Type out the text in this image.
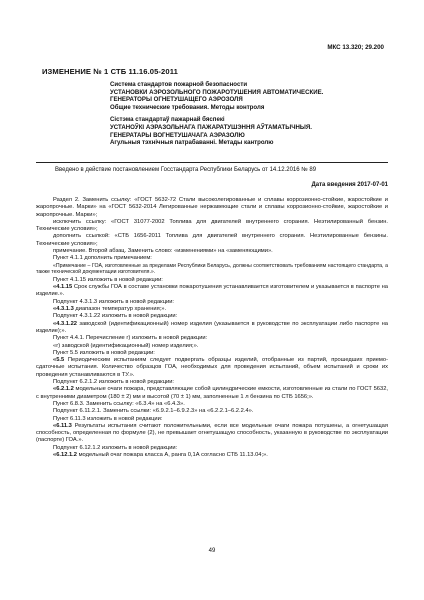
МКС 13.320; 29.200

ИЗМЕНЕНИЕ № 1 СТБ 11.16.05-2011

Система стандартов пожарной безопасности

УСТАНОВКИ АЭРОЗОЛЬНОГО ПОЖАРОТУШЕНИЯ АВТОМАТИЧЕСКИЕ.

ГЕНЕРАТОРЫ ОГНЕТУШАЩЕГО АЭРОЗОЛЯ

Общие технические требования. Методы контроля

Сістэма стандартаў пажарнай бяспекі

УСТАНОЎКІ АЭРАЗОЛЬНАГА ПАЖАРАТУШЭННЯ АЎТАМАТЫЧНЫЯ.

ГЕНЕРАТАРЫ ВОГНЕТУШАЧАГА АЭРАЗОЛЮ

Агульныя тэхнічныя патрабаванні. Метады кантролю

Введено в действие постановлением Госстандарта Республики Беларусь от 14.12.2016 № 89

Дата введения 2017-07-01

Раздел 2. Заменить ссылку: «ГОСТ 5632-72 Стали высоколегированные и сплавы коррозионно-стойкие, жаростойкие и жаропрочные. Марки» на «ГОСТ 5632-2014 Легированные нержавеющие стали и сплавы коррозионно-стойкие, жаростойкие и жаропрочные. Марки»;

исключить ссылку: «ГОСТ 31077-2002 Топлива для двигателей внутреннего сгорания. Неэтилированный бензин. Технические условия»;

дополнить ссылкой: «СТБ 1656-2011 Топлива для двигателей внутреннего сгорания. Неэтилированные бензины. Технические условия»;

примечание. Второй абзац. Заменить слово: «изменениями» на «заменяющими».

Пункт 4.1.1 дополнить примечанием:

«Примечание – ГОА, изготовленные за пределами Республики Беларусь, должны соответствовать требованиям настоящего стандарта, а также технической документации изготовителя.».

Пункт 4.1.15 изложить в новой редакции:

«4.1.15 Срок службы ГОА в составе установки пожаротушения устанавливается изготовителем и указывается в паспорте на изделие.».

Подпункт 4.3.1.3 изложить в новой редакции:

«4.3.1.3 диапазон температур хранения;».

Подпункт 4.3.1.22 изложить в новой редакции:

«4.3.1.22 заводской (идентификационный) номер изделия (указывается в руководстве по эксплуатации либо паспорте на изделие);».

Пункт 4.4.1. Перечисление г) изложить в новой редакции:

«г) заводской (идентификационный) номер изделия;».

Пункт 5.5 изложить в новой редакции:

«5.5 Периодическим испытаниям следует подвергать образцы изделий, отобранные из партий, прошедших приемо-сдаточные испытания. Количество образцов ГОА, необходимых для проведения испытаний, объем испытаний и сроки их проведения устанавливаются в ТУ.».

Подпункт 6.2.1.2 изложить в новой редакции:

«6.2.1.2 модельные очаги пожара, представляющие собой цилиндрические емкости, изготовленные из стали по ГОСТ 5632, с внутренними диаметром (180 ± 2) мм и высотой (70 ± 1) мм, заполненные 1 л бензина по СТБ 1656;».

Пункт 6.8.3. Заменить ссылку: «6.3.4» на «6.4.3».

Подпункт 6.11.2.1. Заменить ссылки: «6.9.2.1–6.9.2.3» на «6.2.2.1–6.2.2.4».

Пункт 6.11.3 изложить в новой редакции:

«6.11.3 Результаты испытания считают положительными, если все модельные очаги пожара потушены, а огнетушащая способность, определенная по формуле (2), не превышает огнетушащую способность, указанную в руководстве по эксплуатации (паспорте) ГОА.».

Подпункт 6.12.1.2 изложить в новой редакции:

«6.12.1.2 модельный очаг пожара класса А, ранга 0,1А согласно СТБ 11.13.04;».

49
